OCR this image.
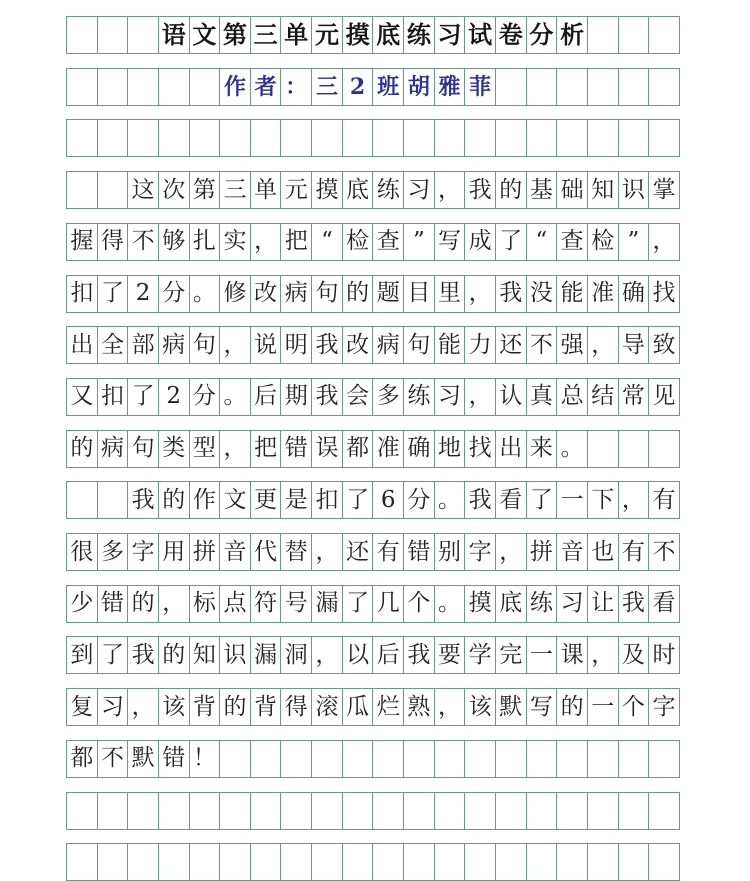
语 文 第 三 单 元 摸 底 练 习 试 卷 分 析
作 者 ： 三 2 班 胡 雅 菲
这 次 第 三 单 元 摸 底 练 习 ， 我 的 基 础 知 识 掌
握 得 不 够 扎 实 ， 把 “ 检 查 ” 写 成 了 “ 查 检 ” ，
扣 了 2 分 。 修 改 病 句 的 题 目 里 ， 我 没 能 准 确 找
出 全 部 病 句 ， 说 明 我 改 病 句 能 力 还 不 强 ， 导 致
又 扣 了 2 分 。 后 期 我 会 多 练 习 ， 认 真 总 结 常 见
的 病 句 类 型 ， 把 错 误 都 准 确 地 找 出 来 。
我 的 作 文 更 是 扣 了 6 分 。 我 看 了 一 下 ， 有
很 多 字 用 拼 音 代 替 ， 还 有 错 别 字 ， 拼 音 也 有 不
少 错 的 ， 标 点 符 号 漏 了 几 个 。 摸 底 练 习 让 我 看
到 了 我 的 知 识 漏 洞 ， 以 后 我 要 学 完 一 课 ， 及 时
复 习 ， 该 背 的 背 得 滚 瓜 烂 熟 ， 该 默 写 的 一 个 字
都 不 默 错 ！
